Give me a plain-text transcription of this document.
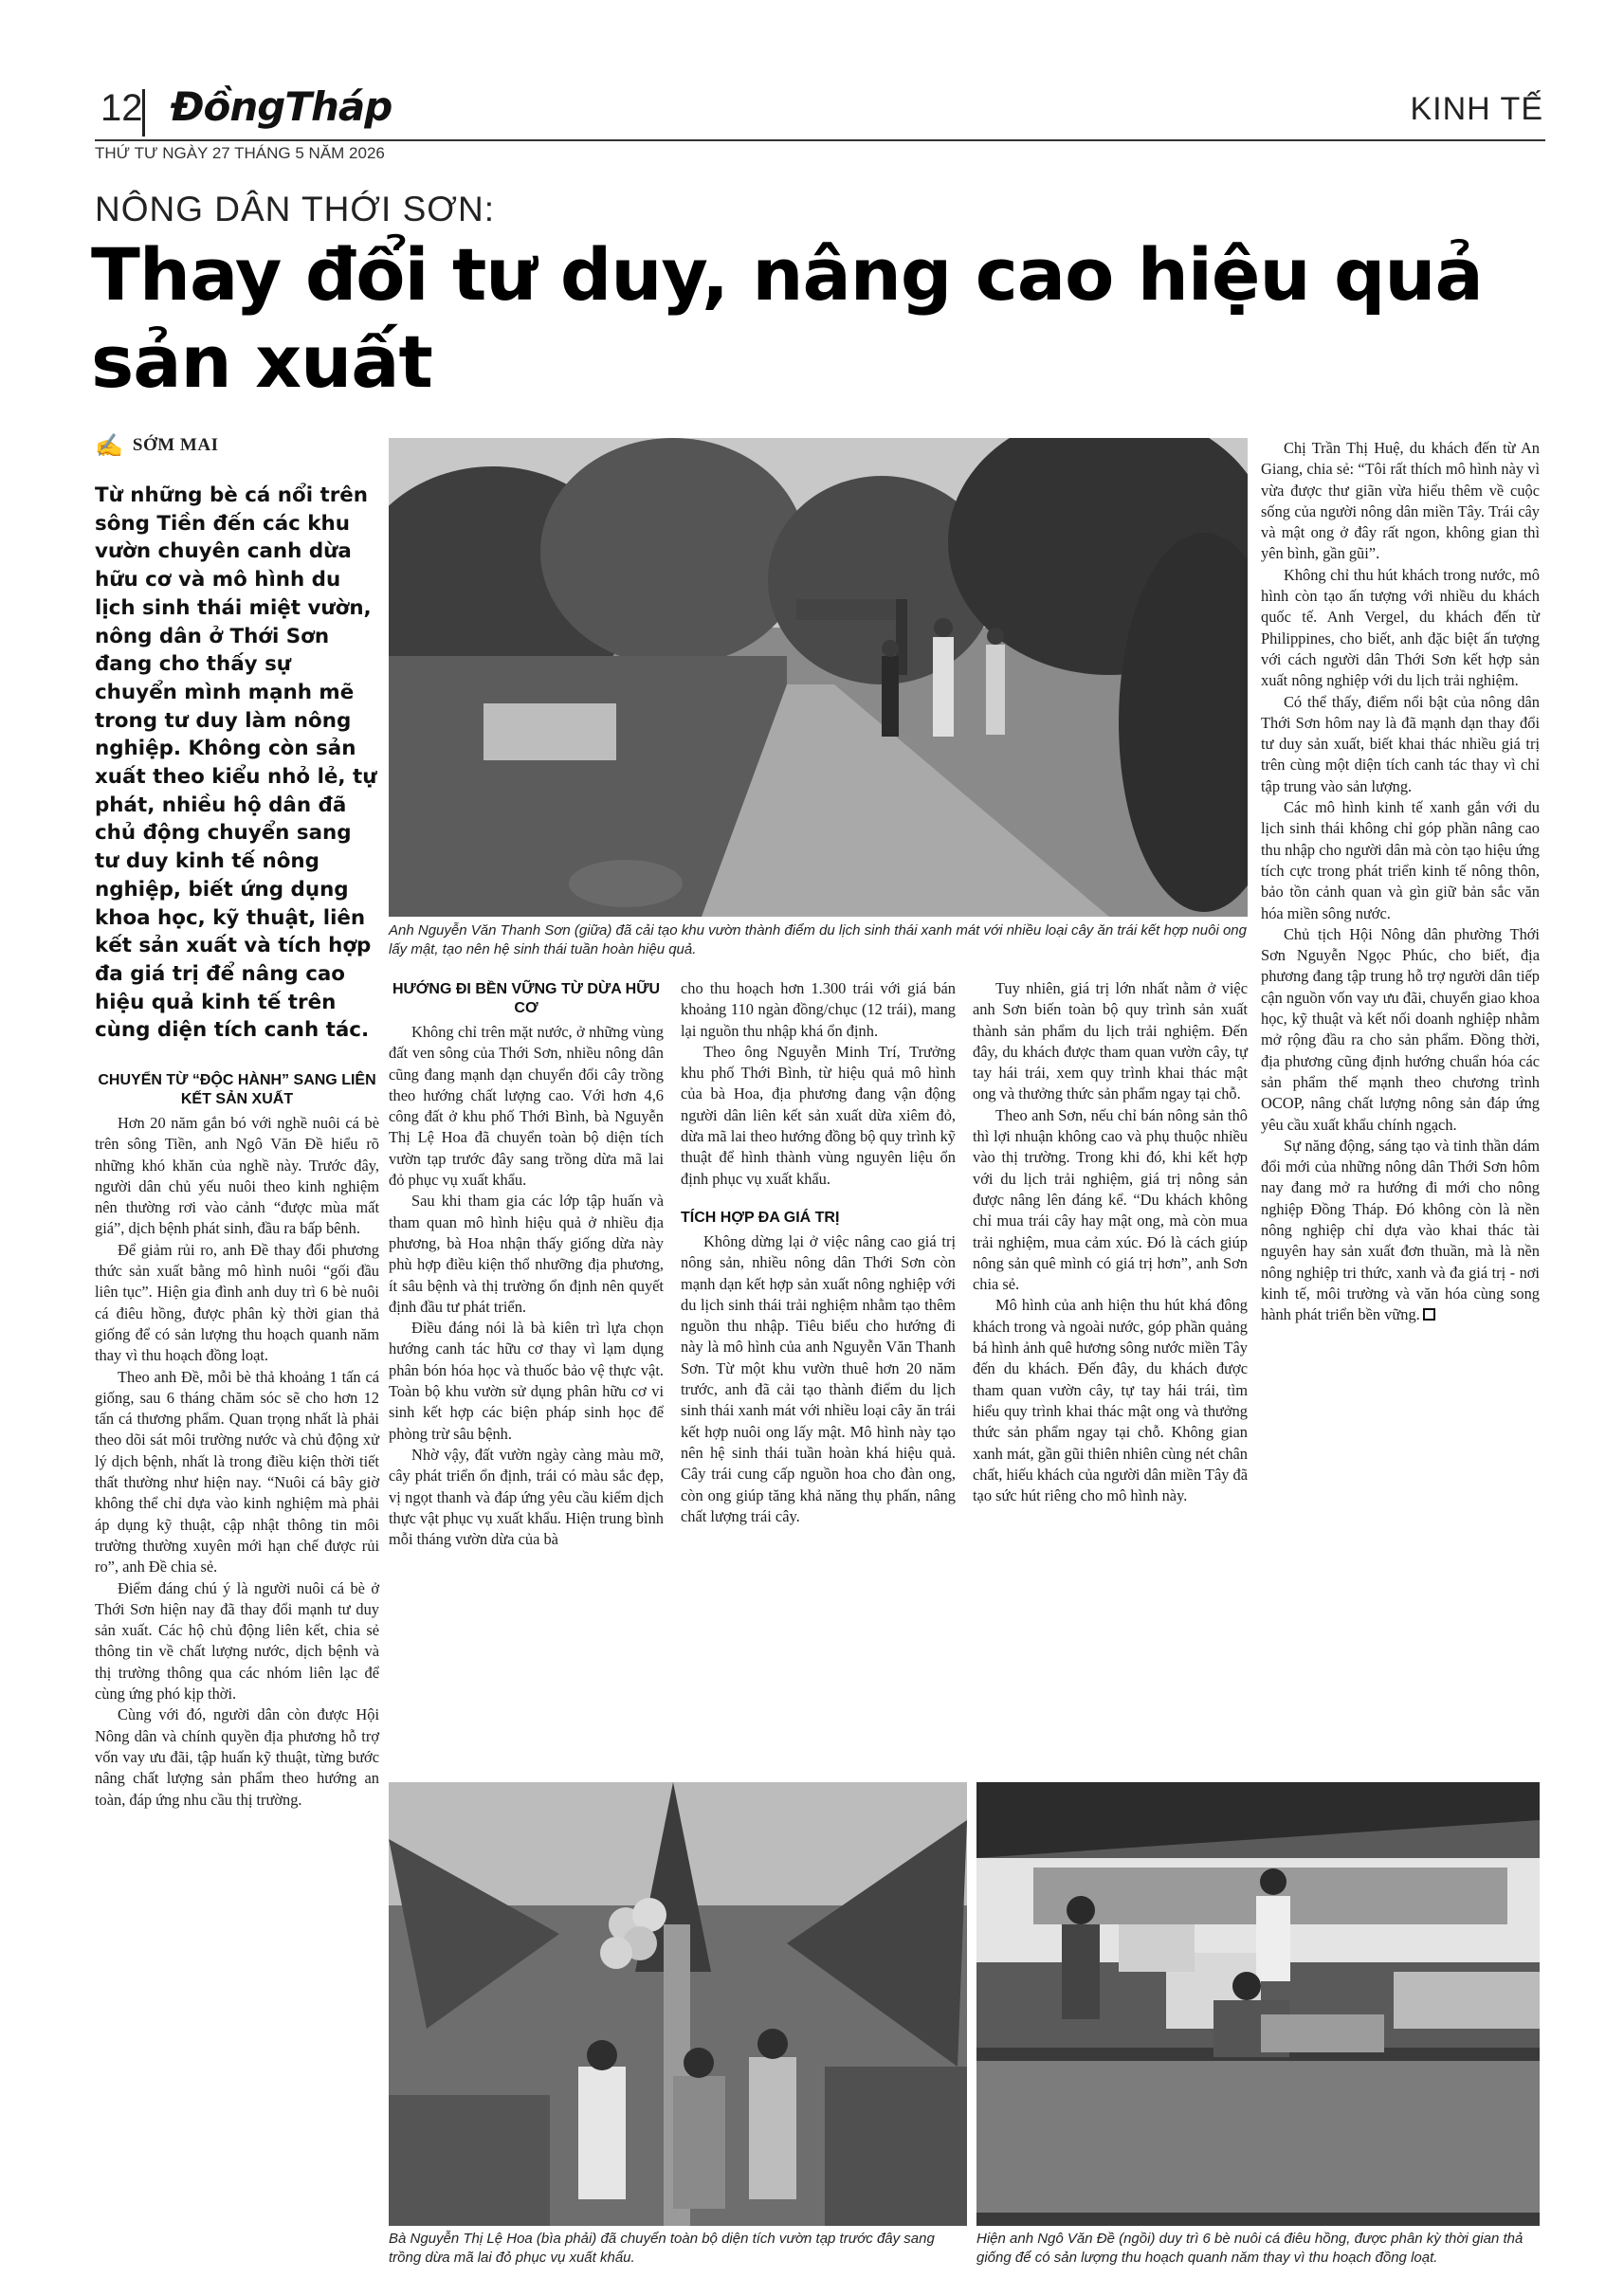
12 ĐồngTháp	KINH TẾ
THỨ TƯ NGÀY 27 THÁNG 5 NĂM 2026
NÔNG DÂN THỚI SƠN:
Thay đổi tư duy, nâng cao hiệu quả sản xuất
✍ SỚM MAI
Từ những bè cá nổi trên sông Tiền đến các khu vườn chuyên canh dừa hữu cơ và mô hình du lịch sinh thái miệt vườn, nông dân ở Thới Sơn đang cho thấy sự chuyển mình mạnh mẽ trong tư duy làm nông nghiệp. Không còn sản xuất theo kiểu nhỏ lẻ, tự phát, nhiều hộ dân đã chủ động chuyển sang tư duy kinh tế nông nghiệp, biết ứng dụng khoa học, kỹ thuật, liên kết sản xuất và tích hợp đa giá trị để nâng cao hiệu quả kinh tế trên cùng diện tích canh tác.
CHUYỂN TỪ “ĐỘC HÀNH” SANG LIÊN KẾT SẢN XUẤT

Hơn 20 năm gắn bó với nghề nuôi cá bè trên sông Tiền, anh Ngô Văn Đề hiểu rõ những khó khăn của nghề này. Trước đây, người dân chủ yếu nuôi theo kinh nghiệm nên thường rơi vào cảnh “được mùa mất giá”, dịch bệnh phát sinh, đầu ra bấp bênh.

Để giảm rủi ro, anh Đề thay đổi phương thức sản xuất bằng mô hình nuôi “gối đầu liên tục”. Hiện gia đình anh duy trì 6 bè nuôi cá điêu hồng, được phân kỳ thời gian thả giống để có sản lượng thu hoạch quanh năm thay vì thu hoạch đồng loạt.

Theo anh Đề, mỗi bè thả khoảng 1 tấn cá giống, sau 6 tháng chăm sóc sẽ cho hơn 12 tấn cá thương phẩm. Quan trọng nhất là phải theo dõi sát môi trường nước và chủ động xử lý dịch bệnh, nhất là trong điều kiện thời tiết thất thường như hiện nay. “Nuôi cá bây giờ không thể chỉ dựa vào kinh nghiệm mà phải áp dụng kỹ thuật, cập nhật thông tin môi trường thường xuyên mới hạn chế được rủi ro”, anh Đề chia sẻ.

Điểm đáng chú ý là người nuôi cá bè ở Thới Sơn hiện nay đã thay đổi mạnh tư duy sản xuất. Các hộ chủ động liên kết, chia sẻ thông tin về chất lượng nước, dịch bệnh và thị trường thông qua các nhóm liên lạc để cùng ứng phó kịp thời.

Cùng với đó, người dân còn được Hội Nông dân và chính quyền địa phương hỗ trợ vốn vay ưu đãi, tập huấn kỹ thuật, từng bước nâng chất lượng sản phẩm theo hướng an toàn, đáp ứng nhu cầu thị trường.

Anh Nguyễn Văn Thanh Sơn (giữa) đã cải tạo khu vườn thành điểm du lịch sinh thái xanh mát với nhiều loại cây ăn trái kết hợp nuôi ong lấy mật, tạo nên hệ sinh thái tuần hoàn hiệu quả.
HƯỚNG ĐI BỀN VỮNG TỪ DỪA HỮU CƠ

Không chỉ trên mặt nước, ở những vùng đất ven sông của Thới Sơn, nhiều nông dân cũng đang mạnh dạn chuyển đổi cây trồng theo hướng chất lượng cao. Với hơn 4,6 công đất ở khu phố Thới Bình, bà Nguyễn Thị Lệ Hoa đã chuyển toàn bộ diện tích vườn tạp trước đây sang trồng dừa mã lai đỏ phục vụ xuất khẩu.

Sau khi tham gia các lớp tập huấn và tham quan mô hình hiệu quả ở nhiều địa phương, bà Hoa nhận thấy giống dừa này phù hợp điều kiện thổ nhưỡng địa phương, ít sâu bệnh và thị trường ổn định nên quyết định đầu tư phát triển.

Điều đáng nói là bà kiên trì lựa chọn hướng canh tác hữu cơ thay vì lạm dụng phân bón hóa học và thuốc bảo vệ thực vật. Toàn bộ khu vườn sử dụng phân hữu cơ vi sinh kết hợp các biện pháp sinh học để phòng trừ sâu bệnh.

Nhờ vậy, đất vườn ngày càng màu mỡ, cây phát triển ổn định, trái có màu sắc đẹp, vị ngọt thanh và đáp ứng yêu cầu kiểm dịch thực vật phục vụ xuất khẩu. Hiện trung bình mỗi tháng vườn dừa của bà

cho thu hoạch hơn 1.300 trái với giá bán khoảng 110 ngàn đồng/chục (12 trái), mang lại nguồn thu nhập khá ổn định.

Theo ông Nguyễn Minh Trí, Trưởng khu phố Thới Bình, từ hiệu quả mô hình của bà Hoa, địa phương đang vận động người dân liên kết sản xuất dừa xiêm đỏ, dừa mã lai theo hướng đồng bộ quy trình kỹ thuật để hình thành vùng nguyên liệu ổn định phục vụ xuất khẩu.

TÍCH HỢP ĐA GIÁ TRỊ

Không dừng lại ở việc nâng cao giá trị nông sản, nhiều nông dân Thới Sơn còn mạnh dạn kết hợp sản xuất nông nghiệp với du lịch sinh thái trải nghiệm nhằm tạo thêm nguồn thu nhập. Tiêu biểu cho hướng đi này là mô hình của anh Nguyễn Văn Thanh Sơn. Từ một khu vườn thuê hơn 20 năm trước, anh đã cải tạo thành điểm du lịch sinh thái xanh mát với nhiều loại cây ăn trái kết hợp nuôi ong lấy mật. Mô hình này tạo nên hệ sinh thái tuần hoàn khá hiệu quả. Cây trái cung cấp nguồn hoa cho đàn ong, còn ong giúp tăng khả năng thụ phấn, nâng chất lượng trái cây.

Tuy nhiên, giá trị lớn nhất nằm ở việc anh Sơn biến toàn bộ quy trình sản xuất thành sản phẩm du lịch trải nghiệm. Đến đây, du khách được tham quan vườn cây, tự tay hái trái, xem quy trình khai thác mật ong và thưởng thức sản phẩm ngay tại chỗ.

Theo anh Sơn, nếu chỉ bán nông sản thô thì lợi nhuận không cao và phụ thuộc nhiều vào thị trường. Trong khi đó, khi kết hợp với du lịch trải nghiệm, giá trị nông sản được nâng lên đáng kể. “Du khách không chỉ mua trái cây hay mật ong, mà còn mua trải nghiệm, mua cảm xúc. Đó là cách giúp nông sản quê mình có giá trị hơn”, anh Sơn chia sẻ.

Mô hình của anh hiện thu hút khá đông khách trong và ngoài nước, góp phần quảng bá hình ảnh quê hương sông nước miền Tây đến du khách. Đến đây, du khách được tham quan vườn cây, tự tay hái trái, tìm hiểu quy trình khai thác mật ong và thưởng thức sản phẩm ngay tại chỗ. Không gian xanh mát, gần gũi thiên nhiên cùng nét chân chất, hiếu khách của người dân miền Tây đã tạo sức hút riêng cho mô hình này.

Chị Trần Thị Huệ, du khách đến từ An Giang, chia sẻ: “Tôi rất thích mô hình này vì vừa được thư giãn vừa hiểu thêm về cuộc sống của người nông dân miền Tây. Trái cây và mật ong ở đây rất ngon, không gian thì yên bình, gần gũi”.

Không chỉ thu hút khách trong nước, mô hình còn tạo ấn tượng với nhiều du khách quốc tế. Anh Vergel, du khách đến từ Philippines, cho biết, anh đặc biệt ấn tượng với cách người dân Thới Sơn kết hợp sản xuất nông nghiệp với du lịch trải nghiệm.

Có thể thấy, điểm nổi bật của nông dân Thới Sơn hôm nay là đã mạnh dạn thay đổi tư duy sản xuất, biết khai thác nhiều giá trị trên cùng một diện tích canh tác thay vì chỉ tập trung vào sản lượng.

Các mô hình kinh tế xanh gắn với du lịch sinh thái không chỉ góp phần nâng cao thu nhập cho người dân mà còn tạo hiệu ứng tích cực trong phát triển kinh tế nông thôn, bảo tồn cảnh quan và gìn giữ bản sắc văn hóa miền sông nước.

Chủ tịch Hội Nông dân phường Thới Sơn Nguyễn Ngọc Phúc, cho biết, địa phương đang tập trung hỗ trợ người dân tiếp cận nguồn vốn vay ưu đãi, chuyển giao khoa học, kỹ thuật và kết nối doanh nghiệp nhằm mở rộng đầu ra cho sản phẩm. Đồng thời, địa phương cũng định hướng chuẩn hóa các sản phẩm thế mạnh theo chương trình OCOP, nâng chất lượng nông sản đáp ứng yêu cầu xuất khẩu chính ngạch.

Sự năng động, sáng tạo và tinh thần dám đổi mới của những nông dân Thới Sơn hôm nay đang mở ra hướng đi mới cho nông nghiệp Đồng Tháp. Đó không còn là nền nông nghiệp chỉ dựa vào khai thác tài nguyên hay sản xuất đơn thuần, mà là nền nông nghiệp tri thức, xanh và đa giá trị - nơi kinh tế, môi trường và văn hóa cùng song hành phát triển bền vững.

Bà Nguyễn Thị Lệ Hoa (bìa phải) đã chuyển toàn bộ diện tích vườn tạp trước đây sang trồng dừa mã lai đỏ phục vụ xuất khẩu.
Hiện anh Ngô Văn Đề (ngồi) duy trì 6 bè nuôi cá điêu hồng, được phân kỳ thời gian thả giống để có sản lượng thu hoạch quanh năm thay vì thu hoạch đồng loạt.
